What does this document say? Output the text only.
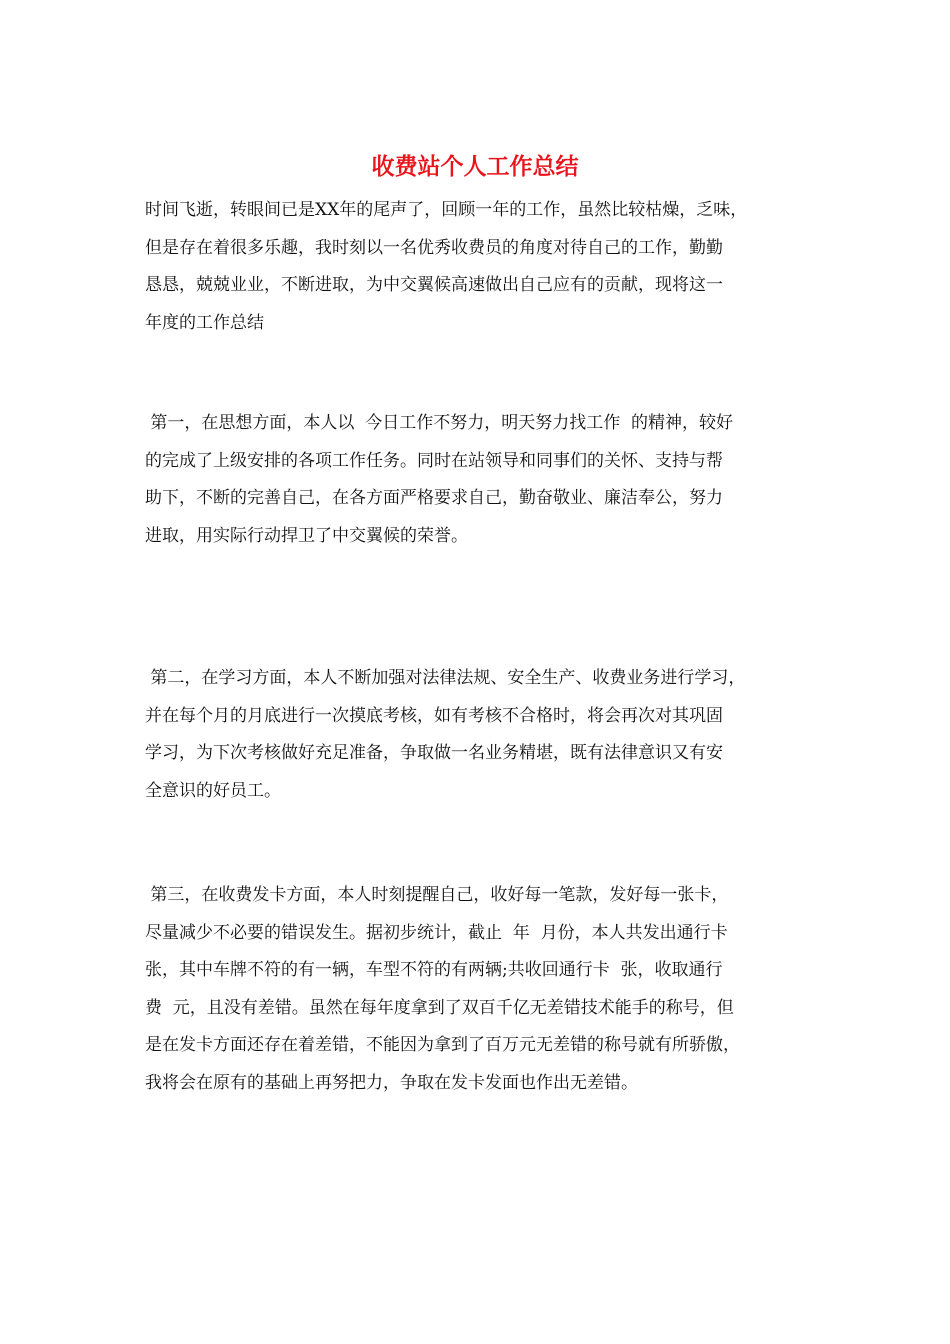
收费站个人工作总结
时间飞逝，转眼间已是XX年的尾声了，回顾一年的工作，虽然比较枯燥，乏味，
但是存在着很多乐趣，我时刻以一名优秀收费员的角度对待自己的工作，勤勤
恳恳，兢兢业业，不断进取，为中交翼候高速做出自己应有的贡献，现将这一
年度的工作总结
第一，在思想方面，本人以  今日工作不努力，明天努力找工作  的精神，较好
的完成了上级安排的各项工作任务。同时在站领导和同事们的关怀、支持与帮
助下，不断的完善自己，在各方面严格要求自己，勤奋敬业、廉洁奉公，努力
进取，用实际行动捍卫了中交翼候的荣誉。
第二，在学习方面，本人不断加强对法律法规、安全生产、收费业务进行学习，
并在每个月的月底进行一次摸底考核，如有考核不合格时，将会再次对其巩固
学习，为下次考核做好充足准备，争取做一名业务精堪，既有法律意识又有安
全意识的好员工。
第三，在收费发卡方面，本人时刻提醒自己，收好每一笔款，发好每一张卡，
尽量减少不必要的错误发生。据初步统计，截止  年  月份，本人共发出通行卡
张，其中车牌不符的有一辆，车型不符的有两辆;共收回通行卡  张，收取通行
费  元，且没有差错。虽然在每年度拿到了双百千亿无差错技术能手的称号，但
是在发卡方面还存在着差错，不能因为拿到了百万元无差错的称号就有所骄傲，
我将会在原有的基础上再努把力，争取在发卡发面也作出无差错。
